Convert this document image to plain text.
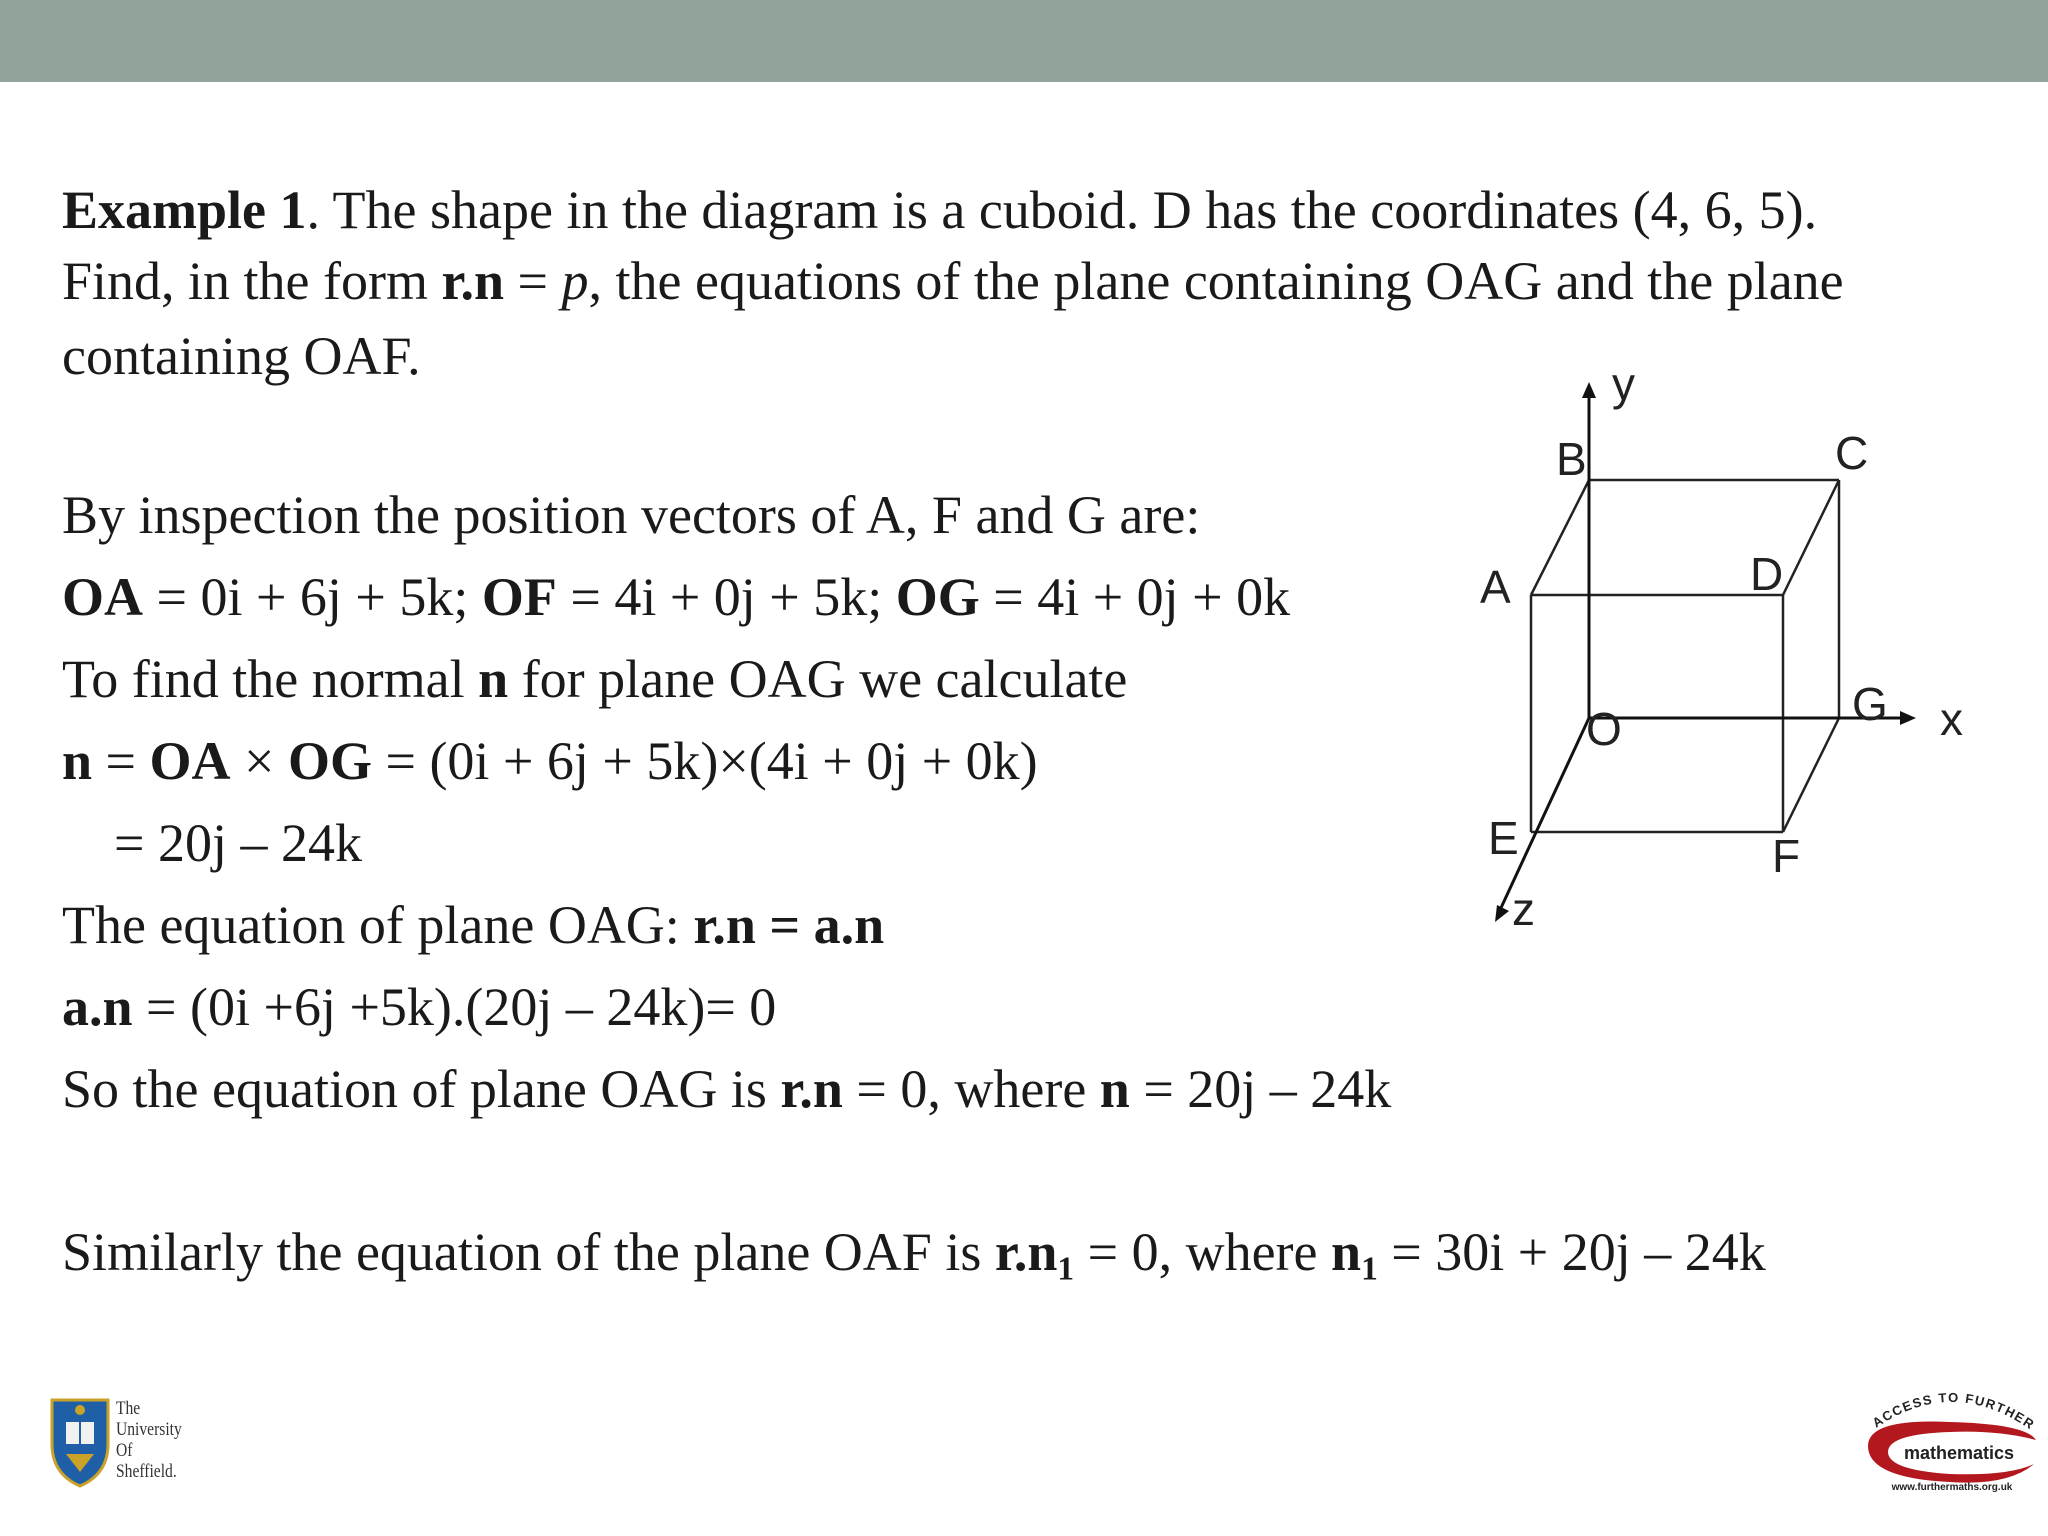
Example 1. The shape in the diagram is a cuboid. D has the coordinates (4, 6, 5).
Find, in the form r.n = p, the equations of the plane containing OAG and the plane
containing OAF.
By inspection the position vectors of A, F and G are:
OA = 0i + 6j + 5k; OF = 4i + 0j + 5k; OG = 4i + 0j + 0k
To find the normal n for plane OAG we calculate
n = OA × OG = (0i + 6j + 5k)×(4i + 0j + 0k)
= 20j – 24k
The equation of plane OAG: r.n = a.n
a.n = (0i +6j +5k).(20j – 24k)= 0
So the equation of plane OAG is r.n = 0, where n = 20j – 24k
Similarly the equation of the plane OAF is $r.n_1 = 0$, where $n_1 = 30i + 20j - 24k$
y
x
z
B	C
A	D
O	G
E	F
The
University
Of
Sheffield.
ACCESS TO FURTHER
mathematics
www.furthermaths.org.uk
